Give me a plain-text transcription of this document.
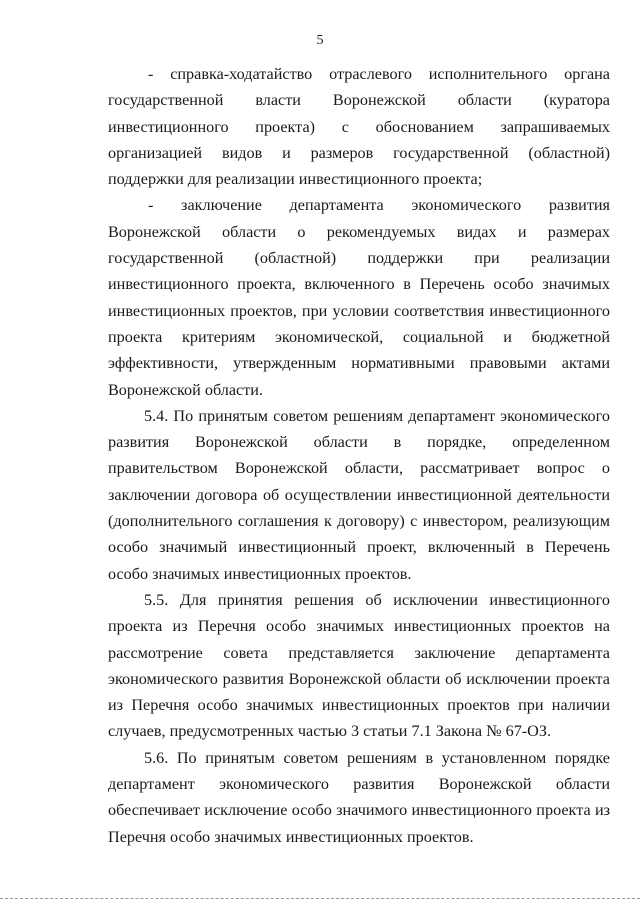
5

- справка-ходатайство отраслевого исполнительного органа государственной власти Воронежской области (куратора инвестиционного проекта) с обоснованием запрашиваемых организацией видов и размеров государственной (областной) поддержки для реализации инвестиционного проекта;

- заключение департамента экономического развития Воронежской области о рекомендуемых видах и размерах государственной (областной) поддержки при реализации инвестиционного проекта, включенного в Перечень особо значимых инвестиционных проектов, при условии соответствия инвестиционного проекта критериям экономической, социальной и бюджетной эффективности, утвержденным нормативными правовыми актами Воронежской области.

5.4. По принятым советом решениям департамент экономического развития Воронежской области в порядке, определенном правительством Воронежской области, рассматривает вопрос о заключении договора об осуществлении инвестиционной деятельности (дополнительного соглашения к договору) с инвестором, реализующим особо значимый инвестиционный проект, включенный в Перечень особо значимых инвестиционных проектов.

5.5. Для принятия решения об исключении инвестиционного проекта из Перечня особо значимых инвестиционных проектов на рассмотрение совета представляется заключение департамента экономического развития Воронежской области об исключении проекта из Перечня особо значимых инвестиционных проектов при наличии случаев, предусмотренных частью 3 статьи 7.1 Закона № 67-ОЗ.

5.6. По принятым советом решениям в установленном порядке департамент экономического развития Воронежской области обеспечивает исключение особо значимого инвестиционного проекта из Перечня особо значимых инвестиционных проектов.
